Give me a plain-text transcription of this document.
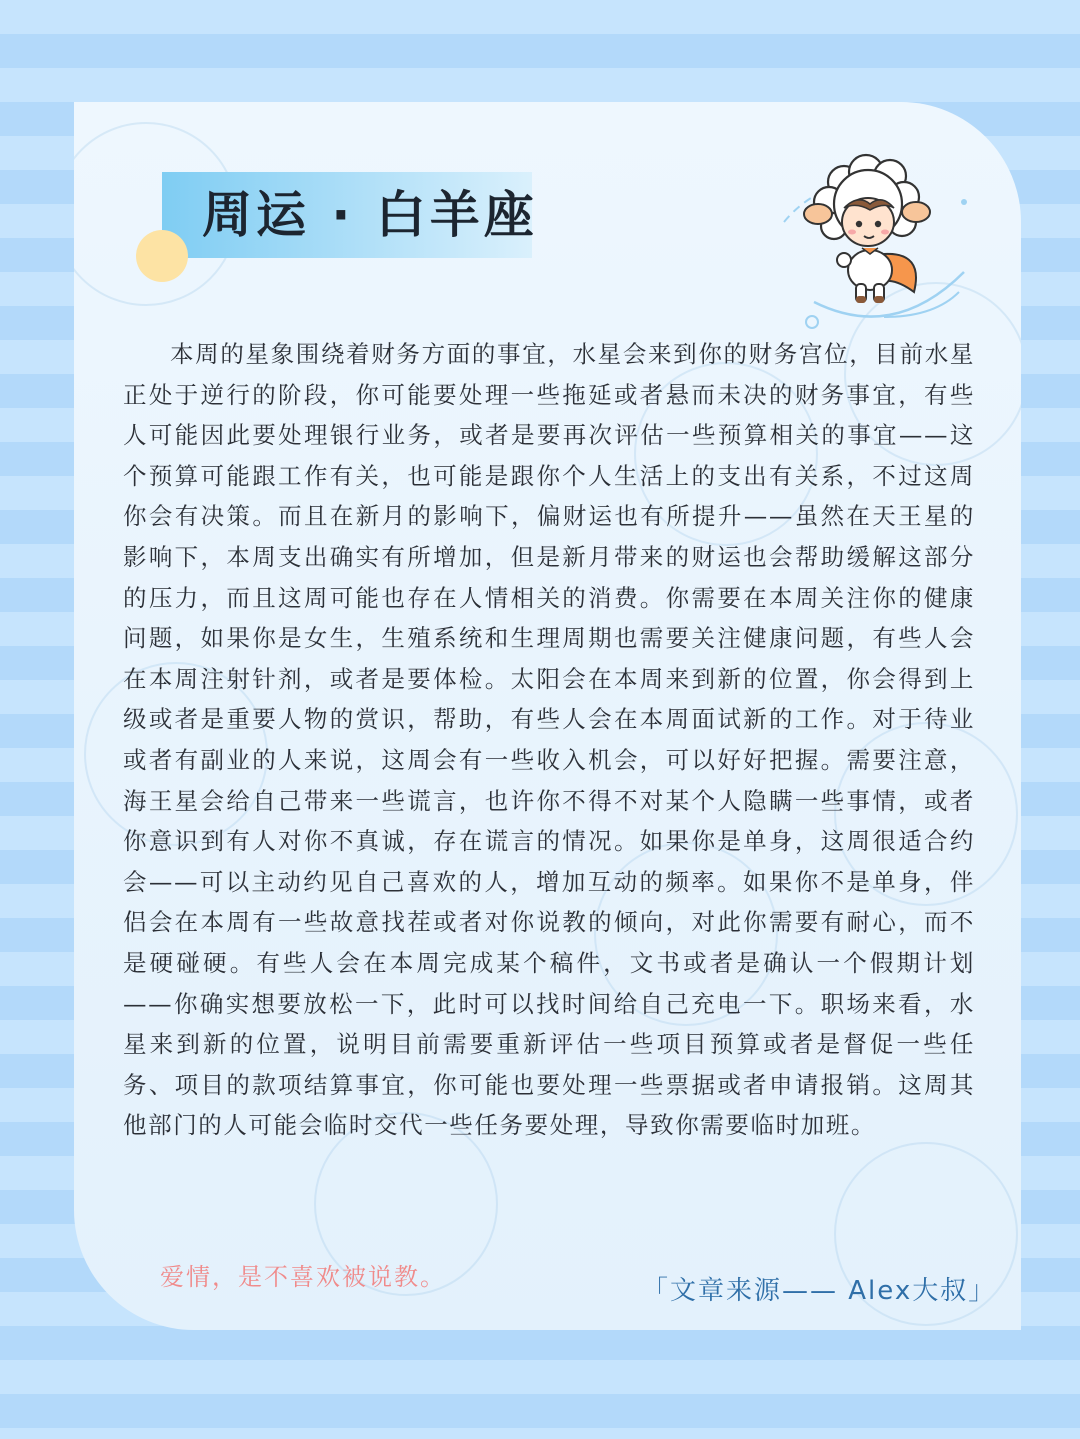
周运 · 白羊座

本周的星象围绕着财务方面的事宜，水星会来到你的财务宫位，目前水星正处于逆行的阶段，你可能要处理一些拖延或者悬而未决的财务事宜，有些人可能因此要处理银行业务，或者是要再次评估一些预算相关的事宜——这个预算可能跟工作有关，也可能是跟你个人生活上的支出有关系，不过这周你会有决策。而且在新月的影响下，偏财运也有所提升——虽然在天王星的影响下，本周支出确实有所增加，但是新月带来的财运也会帮助缓解这部分的压力，而且这周可能也存在人情相关的消费。你需要在本周关注你的健康问题，如果你是女生，生殖系统和生理周期也需要关注健康问题，有些人会在本周注射针剂，或者是要体检。太阳会在本周来到新的位置，你会得到上级或者是重要人物的赏识，帮助，有些人会在本周面试新的工作。对于待业或者有副业的人来说，这周会有一些收入机会，可以好好把握。需要注意，海王星会给自己带来一些谎言，也许你不得不对某个人隐瞒一些事情，或者你意识到有人对你不真诚，存在谎言的情况。如果你是单身，这周很适合约会——可以主动约见自己喜欢的人，增加互动的频率。如果你不是单身，伴侣会在本周有一些故意找茬或者对你说教的倾向，对此你需要有耐心，而不是硬碰硬。有些人会在本周完成某个稿件，文书或者是确认一个假期计划——你确实想要放松一下，此时可以找时间给自己充电一下。职场来看，水星来到新的位置，说明目前需要重新评估一些项目预算或者是督促一些任务、项目的款项结算事宜，你可能也要处理一些票据或者申请报销。这周其他部门的人可能会临时交代一些任务要处理，导致你需要临时加班。

爱情，是不喜欢被说教。	「文章来源—— Alex大叔」
